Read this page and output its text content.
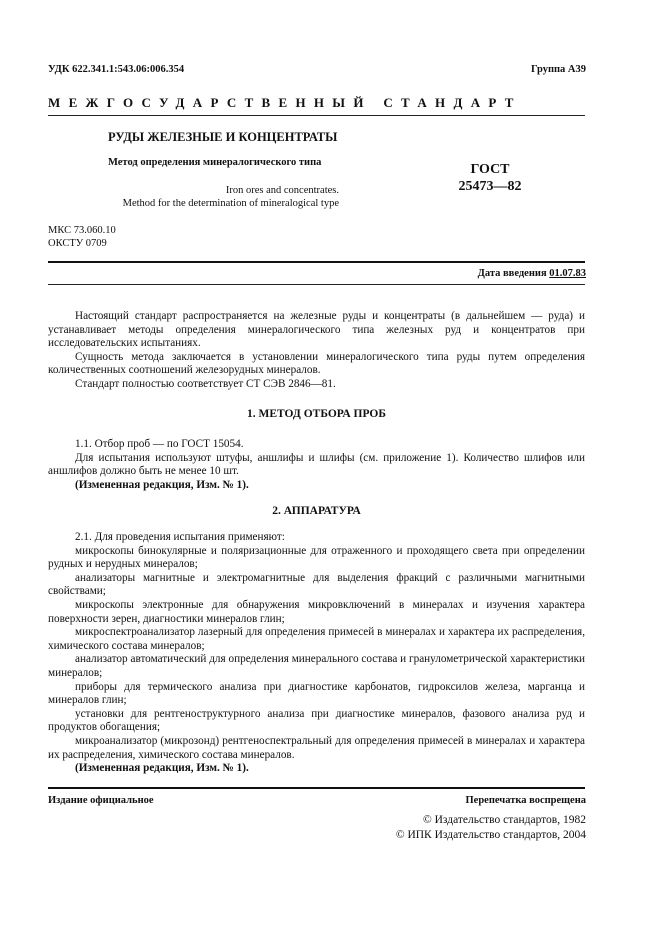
УДК 622.341.1:543.06:006.354	Группа А39
МЕЖГОСУДАРСТВЕННЫЙ СТАНДАРТ
РУДЫ ЖЕЛЕЗНЫЕ И КОНЦЕНТРАТЫ
Метод определения минералогического типа
Iron ores and concentrates.
Method for the determination of mineralogical type
ГОСТ
25473—82
МКС 73.060.10
ОКСТУ 0709
Дата введения 01.07.83

Настоящий стандарт распространяется на железные руды и концентраты (в дальнейшем — руда) и устанавливает методы определения минералогического типа железных руд и концентратов при исследовательских испытаниях.

Сущность метода заключается в установлении минералогического типа руды путем определения количественных соотношений железорудных минералов.

Стандарт полностью соответствует СТ СЭВ 2846—81.

1. МЕТОД ОТБОРА ПРОБ

1.1. Отбор проб — по ГОСТ 15054.

Для испытания используют штуфы, аншлифы и шлифы (см. приложение 1). Количество шлифов или аншлифов должно быть не менее 10 шт.

(Измененная редакция, Изм. № 1).

2. АППАРАТУРА

2.1. Для проведения испытания применяют:

микроскопы бинокулярные и поляризационные для отраженного и проходящего света при определении рудных и нерудных минералов;

анализаторы магнитные и электромагнитные для выделения фракций с различными магнитными свойствами;

микроскопы электронные для обнаружения микровключений в минералах и изучения характера поверхности зерен, диагностики минералов глин;

микроспектроанализатор лазерный для определения примесей в минералах и характера их распределения, химического состава минералов;

анализатор автоматический для определения минерального состава и гранулометрической характеристики минералов;

приборы для термического анализа при диагностике карбонатов, гидроксилов железа, марганца и минералов глин;

установки для рентгеноструктурного анализа при диагностике минералов, фазового анализа руд и продуктов обогащения;

микроанализатор (микрозонд) рентгеноспектральный для определения примесей в минералах и характера их распределения, химического состава минералов.

(Измененная редакция, Изм. № 1).

Издание официальное	Перепечатка воспрещена
© Издательство стандартов, 1982
© ИПК Издательство стандартов, 2004
